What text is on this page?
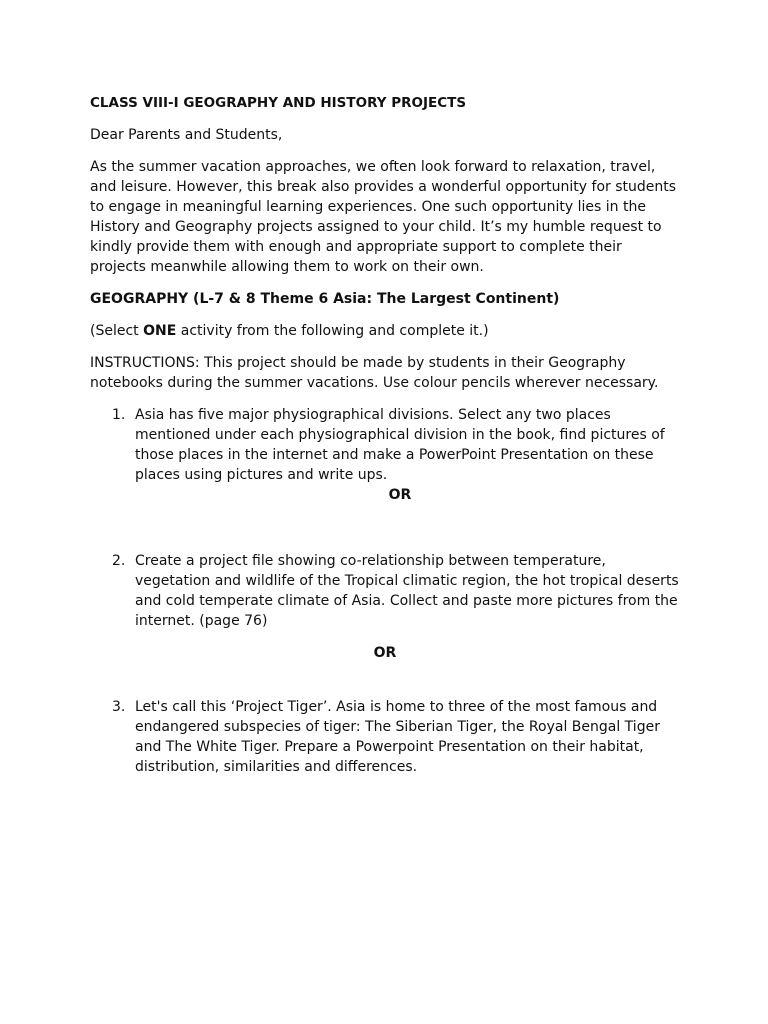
CLASS VIII-I GEOGRAPHY AND HISTORY PROJECTS
Dear Parents and Students,
As the summer vacation approaches, we often look forward to relaxation, travel, and leisure. However, this break also provides a wonderful opportunity for students to engage in meaningful learning experiences. One such opportunity lies in the History and Geography projects assigned to your child. It’s my humble request to kindly provide them with enough and appropriate support to complete their projects meanwhile allowing them to work on their own.
GEOGRAPHY (L-7 & 8 Theme 6 Asia: The Largest Continent)
(Select ONE activity from the following and complete it.)
INSTRUCTIONS: This project should be made by students in their Geography notebooks during the summer vacations. Use colour pencils wherever necessary.
1. Asia has five major physiographical divisions. Select any two places mentioned under each physiographical division in the book, find pictures of those places in the internet and make a PowerPoint Presentation on these places using pictures and write ups.
OR
2. Create a project file showing co-relationship between temperature, vegetation and wildlife of the Tropical climatic region, the hot tropical deserts and cold temperate climate of Asia. Collect and paste more pictures from the internet. (page 76)
OR
3. Let's call this ‘Project Tiger’. Asia is home to three of the most famous and endangered subspecies of tiger: The Siberian Tiger, the Royal Bengal Tiger and The White Tiger. Prepare a Powerpoint Presentation on their habitat, distribution, similarities and differences.
